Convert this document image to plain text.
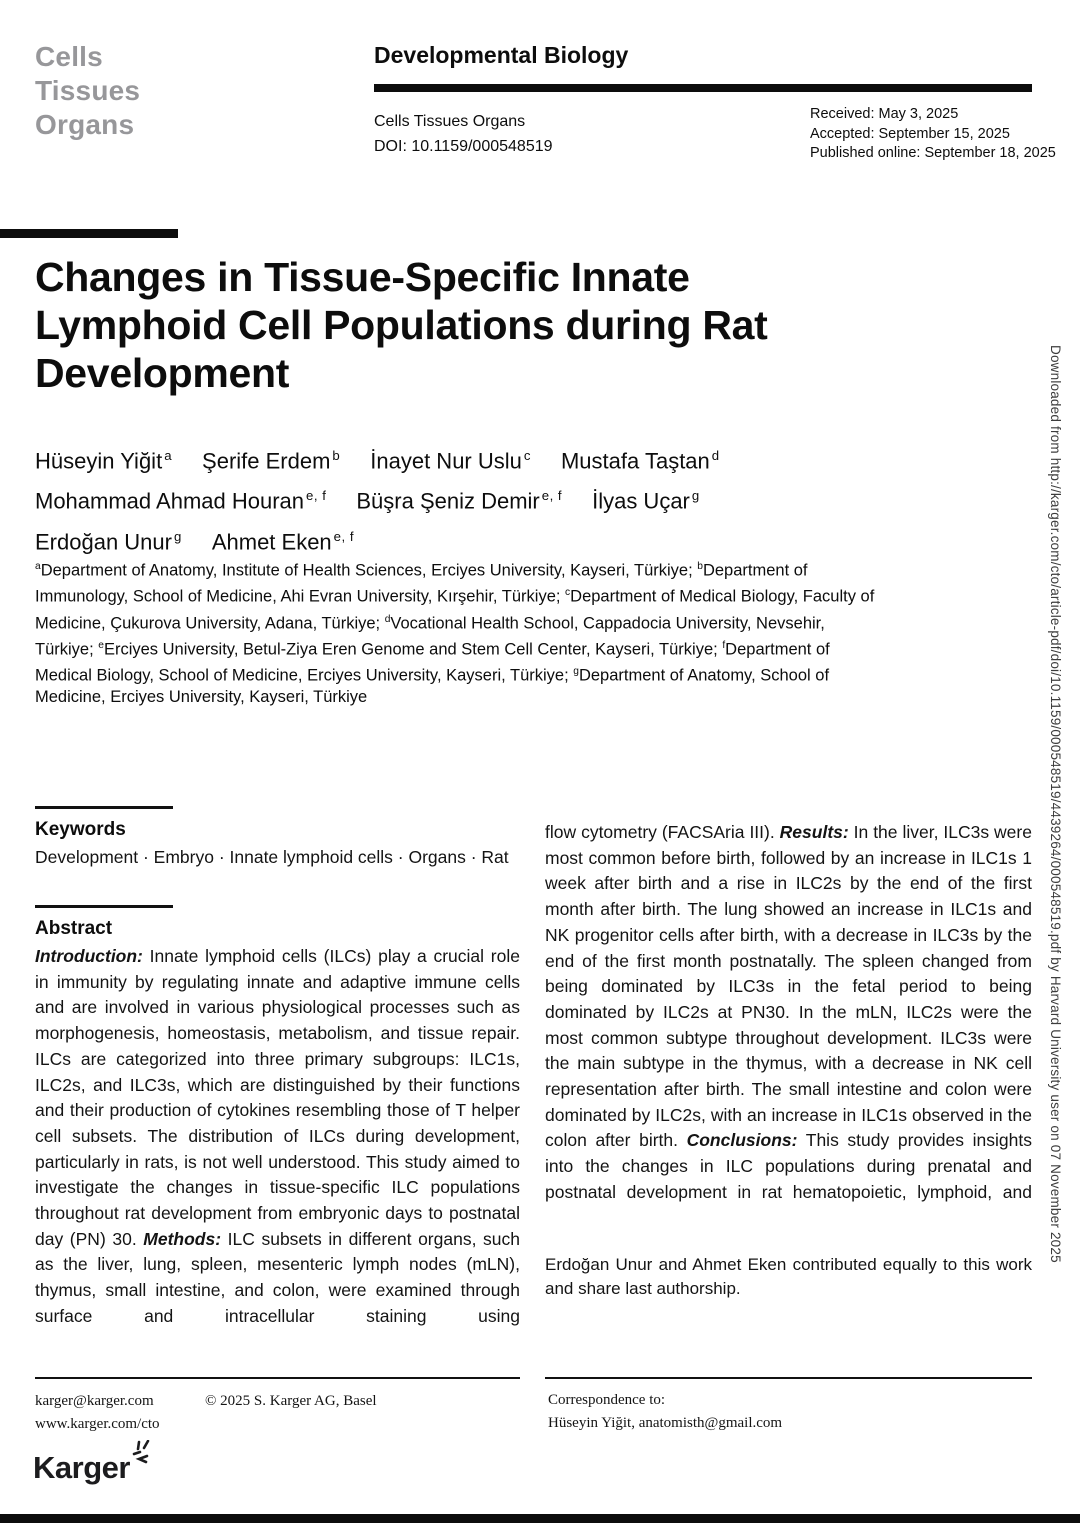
Cells
Tissues
Organs
Developmental Biology
Cells Tissues Organs
DOI: 10.1159/000548519
Received: May 3, 2025
Accepted: September 15, 2025
Published online: September 18, 2025
Changes in Tissue-Specific Innate
Lymphoid Cell Populations during Rat
Development
Hüseyin Yiğit $^a$ Şerife Erdem $^b$ İnayet Nur Uslu $^c$ Mustafa Taştan $^d$
Mohammad Ahmad Houran $^{e, f}$ Büşra Şeniz Demir $^{e, f}$ İlyas Uçar $^g$
Erdoğan Unur $^g$ Ahmet Eken $^{e, f}$
$^a$Department of Anatomy, Institute of Health Sciences, Erciyes University, Kayseri, Türkiye; $^b$Department of Immunology, School of Medicine, Ahi Evran University, Kırşehir, Türkiye; $^c$Department of Medical Biology, Faculty of Medicine, Çukurova University, Adana, Türkiye; $^d$Vocational Health School, Cappadocia University, Nevsehir, Türkiye; $^e$Erciyes University, Betul-Ziya Eren Genome and Stem Cell Center, Kayseri, Türkiye; $^f$Department of Medical Biology, School of Medicine, Erciyes University, Kayseri, Türkiye; $^g$Department of Anatomy, School of Medicine, Erciyes University, Kayseri, Türkiye
Keywords
Development · Embryo · Innate lymphoid cells · Organs · Rat
Abstract
Introduction: Innate lymphoid cells (ILCs) play a crucial role in immunity by regulating innate and adaptive immune cells and are involved in various physiological processes such as morphogenesis, homeostasis, metabolism, and tissue repair. ILCs are categorized into three primary subgroups: ILC1s, ILC2s, and ILC3s, which are distinguished by their functions and their production of cytokines resembling those of T helper cell subsets. The distribution of ILCs during development, particularly in rats, is not well understood. This study aimed to investigate the changes in tissue-specific ILC populations throughout rat development from embryonic days to postnatal day (PN) 30. Methods: ILC subsets in different organs, such as the liver, lung, spleen, mesenteric lymph nodes (mLN), thymus, small intestine, and colon, were examined through surface and intracellular staining using
flow cytometry (FACSAria III). Results: In the liver, ILC3s were most common before birth, followed by an increase in ILC1s 1 week after birth and a rise in ILC2s by the end of the first month after birth. The lung showed an increase in ILC1s and NK progenitor cells after birth, with a decrease in ILC3s by the end of the first month postnatally. The spleen changed from being dominated by ILC3s in the fetal period to being dominated by ILC2s at PN30. In the mLN, ILC2s were the most common subtype throughout development. ILC3s were the main subtype in the thymus, with a decrease in NK cell representation after birth. The small intestine and colon were dominated by ILC2s, with an increase in ILC1s observed in the colon after birth. Conclusions: This study provides insights into the changes in ILC populations during prenatal and postnatal development in rat hematopoietic, lymphoid, and
Erdoğan Unur and Ahmet Eken contributed equally to this work and share last authorship.
karger@karger.com
www.karger.com/cto
© 2025 S. Karger AG, Basel	Correspondence to:
Hüseyin Yiğit, anatomisth@gmail.com
Karger
Downloaded from http://karger.com/cto/article-pdf/doi/10.1159/000548519/4439264/000548519.pdf by Harvard University user on 07 November 2025
